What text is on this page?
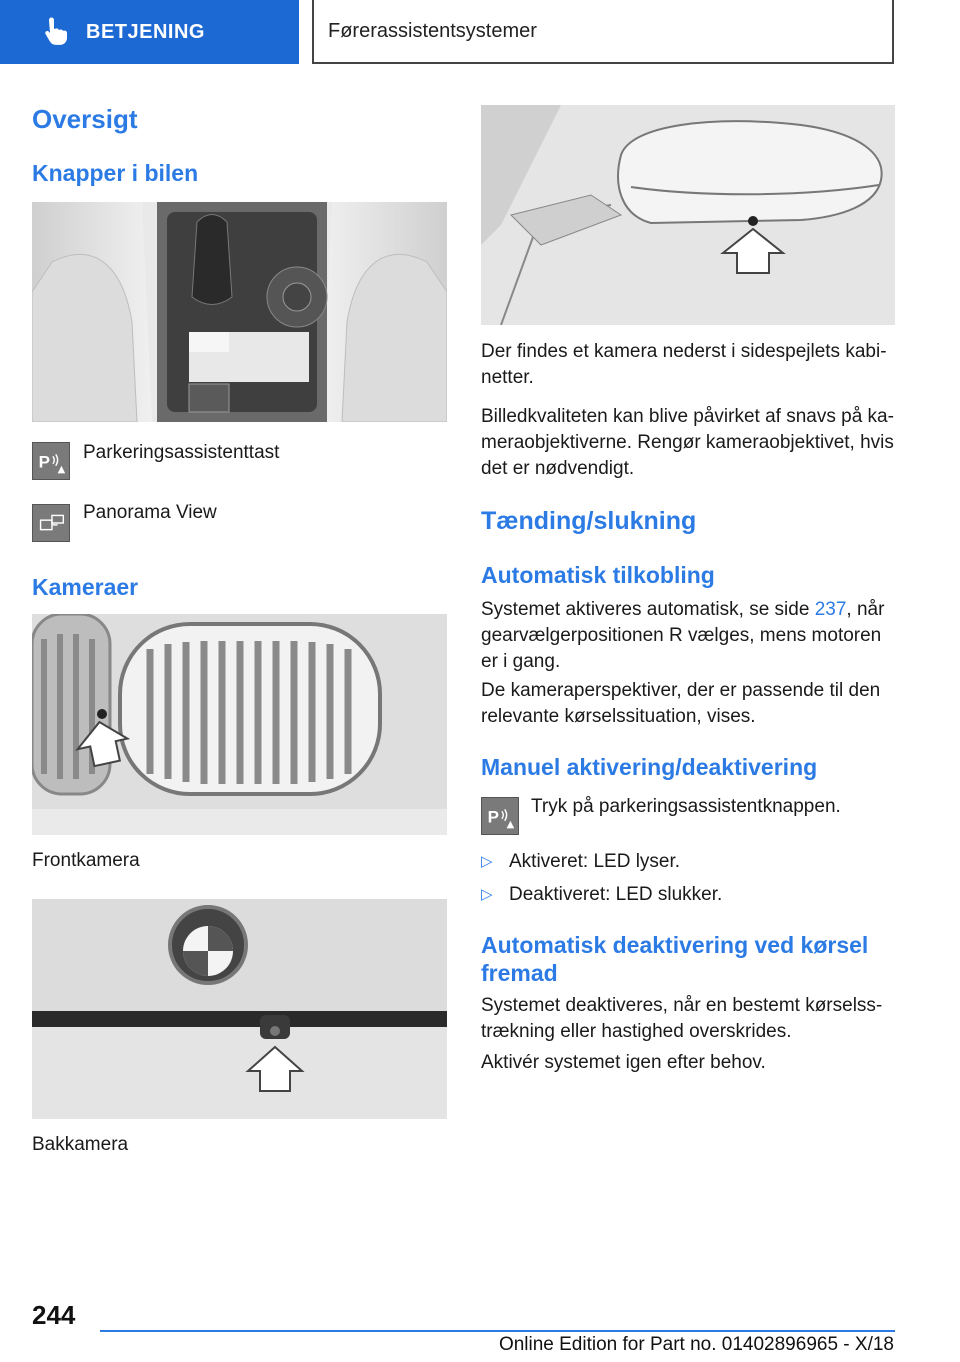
BETJENING	Førerassistentsystemer
Oversigt
Knapper i bilen
P Parkeringsassistenttast
Panorama View
Kameraer
Frontkamera
Bakkamera
Der findes et kamera nederst i sidespejlets kabi‐
netter.
Billedkvaliteten kan blive påvirket af snavs på ka‐
meraobjektiverne. Rengør kameraobjektivet, hvis
det er nødvendigt.
Tænding/slukning
Automatisk tilkobling
Systemet aktiveres automatisk, se side 237, når
gearvælgerpositionen R vælges, mens motoren
er i gang.
De kameraperspektiver, der er passende til den
relevante kørselssituation, vises.
Manuel aktivering/deaktivering
P
Tryk på parkeringsassistentknappen.
▷ Aktiveret: LED lyser.
▷ Deaktiveret: LED slukker.
Automatisk deaktivering ved kørsel
fremad
Systemet deaktiveres, når en bestemt kørselss‐
trækning eller hastighed overskrides.
Aktivér systemet igen efter behov.
244
Online Edition for Part no. 01402896965 - X/18
